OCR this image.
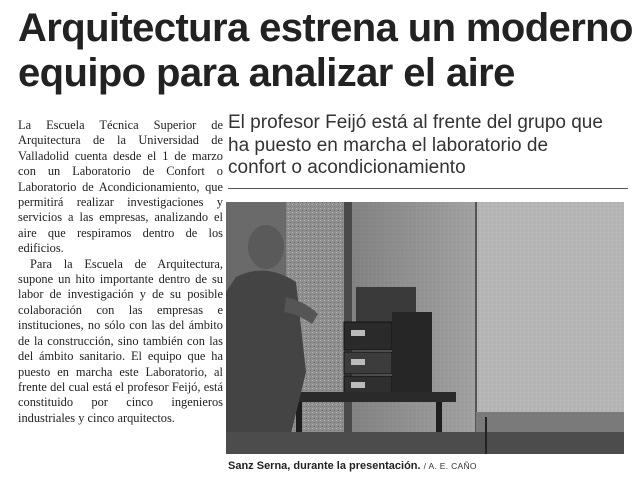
Arquitectura estrena un moderno
equipo para analizar el aire

La Escuela Técnica Superior de Arquitectura de la Universidad de Valladolid cuenta desde el 1 de marzo con un Laboratorio de Confort o Laboratorio de Acondicionamiento, que permitirá realizar investigaciones y servicios a las empresas, analizando el aire que respiramos dentro de los edificios.

Para la Escuela de Arquitectura, supone un hito importante dentro de su labor de investigación y de su posible colaboración con las empresas e instituciones, no sólo con las del ámbito de la construcción, sino también con las del ámbito sanitario. El equipo que ha puesto en marcha este Laboratorio, al frente del cual está el profesor Feijó, está constituido por cinco ingenieros industriales y cinco arquitectos.

El profesor Feijó está al frente del grupo que
ha puesto en marcha el laboratorio de
confort o acondicionamiento
Sanz Serna, durante la presentación. / A. E. CAÑO
